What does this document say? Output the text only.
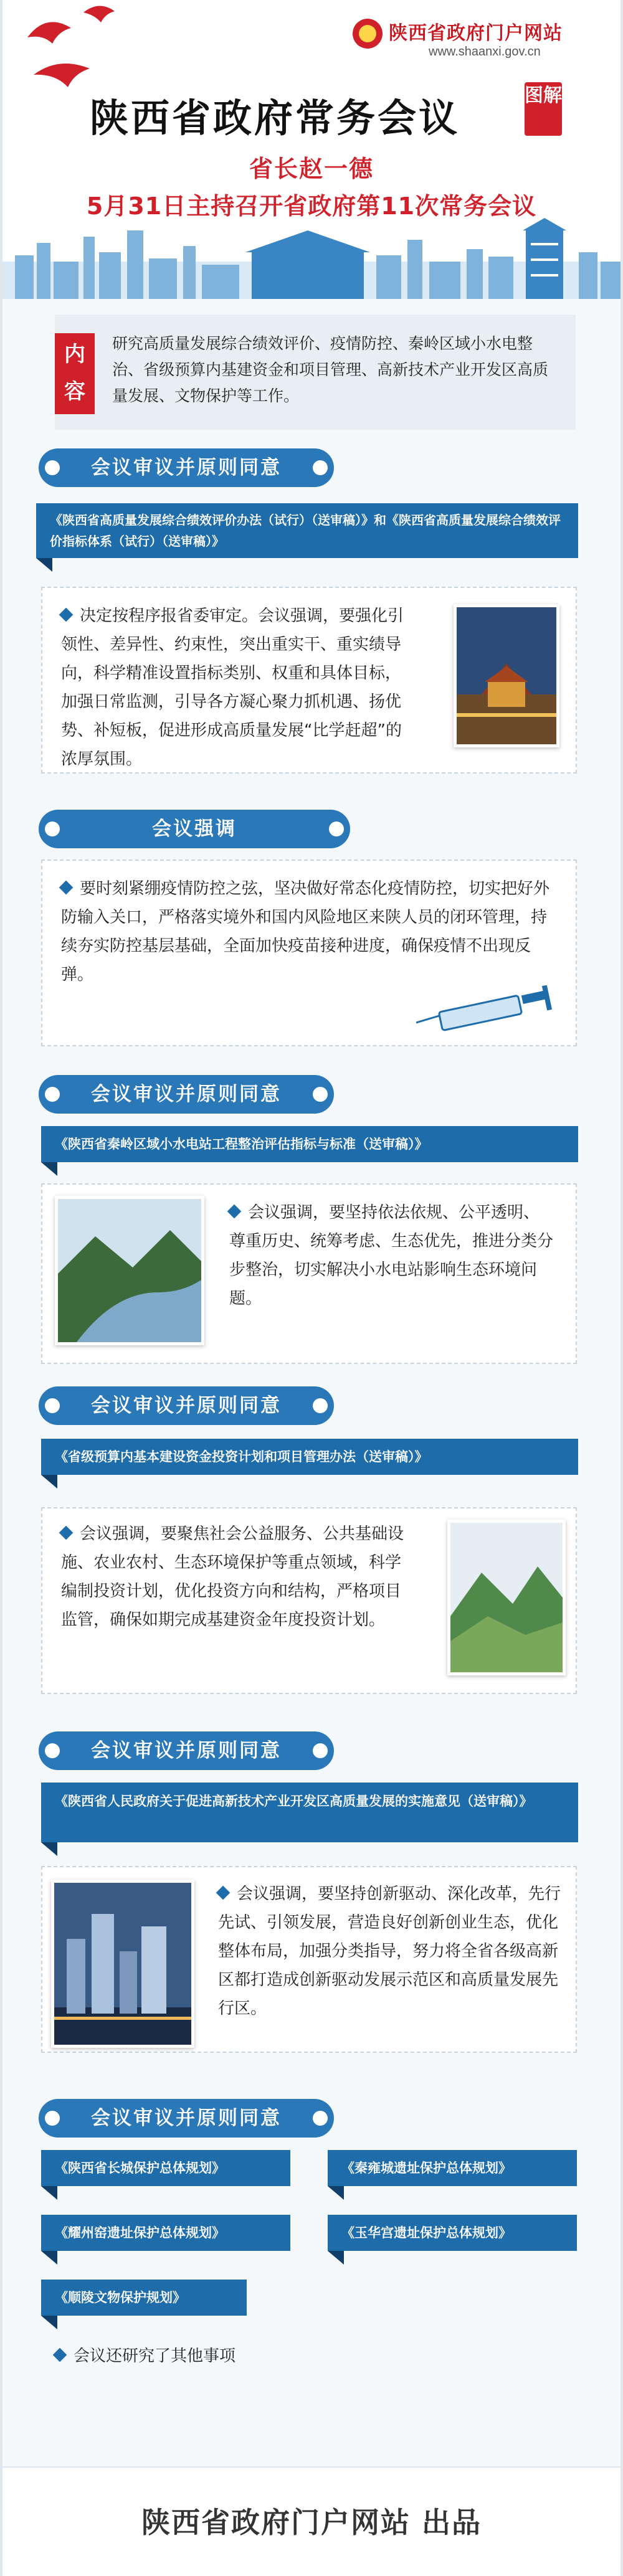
陕西省政府门户网站
www.shaanxi.gov.cn
陕西省政府常务会议	图解
省长赵一德
5月31日主持召开省政府第11次常务会议
内容
研究高质量发展综合绩效评价、疫情防控、秦岭区域小水电整治、省级预算内基建资金和项目管理、高新技术产业开发区高质量发展、文物保护等工作。
会议审议并原则同意

《陕西省高质量发展综合绩效评价办法（试行）（送审稿）》和《陕西省高质量发展综合绩效评价指标体系（试行）（送审稿）》

决定按程序报省委审定。会议强调，要强化引领性、差异性、约束性，突出重实干、重实绩导向，科学精准设置指标类别、权重和具体目标，加强日常监测，引导各方凝心聚力抓机遇、扬优势、补短板，促进形成高质量发展“比学赶超”的浓厚氛围。
会议强调
要时刻紧绷疫情防控之弦，坚决做好常态化疫情防控，切实把好外防输入关口，严格落实境外和国内风险地区来陕人员的闭环管理，持续夯实防控基层基础，全面加快疫苗接种进度，确保疫情不出现反弹。
会议审议并原则同意

《陕西省秦岭区域小水电站工程整治评估指标与标准（送审稿）》

会议强调，要坚持依法依规、公平透明、尊重历史、统筹考虑、生态优先，推进分类分步整治，切实解决小水电站影响生态环境问题。
会议审议并原则同意

《省级预算内基本建设资金投资计划和项目管理办法（送审稿）》

会议强调，要聚焦社会公益服务、公共基础设施、农业农村、生态环境保护等重点领域，科学编制投资计划，优化投资方向和结构，严格项目监管，确保如期完成基建资金年度投资计划。
会议审议并原则同意

《陕西省人民政府关于促进高新技术产业开发区高质量发展的实施意见（送审稿）》

会议强调，要坚持创新驱动、深化改革，先行先试、引领发展，营造良好创新创业生态，优化整体布局，加强分类指导，努力将全省各级高新区都打造成创新驱动发展示范区和高质量发展先行区。
会议审议并原则同意

《陕西省长城保护总体规划》	《秦雍城遗址保护总体规划》

《耀州窑遗址保护总体规划》	《玉华宫遗址保护总体规划》

《顺陵文物保护规划》

会议还研究了其他事项
陕西省政府门户网站 出品
